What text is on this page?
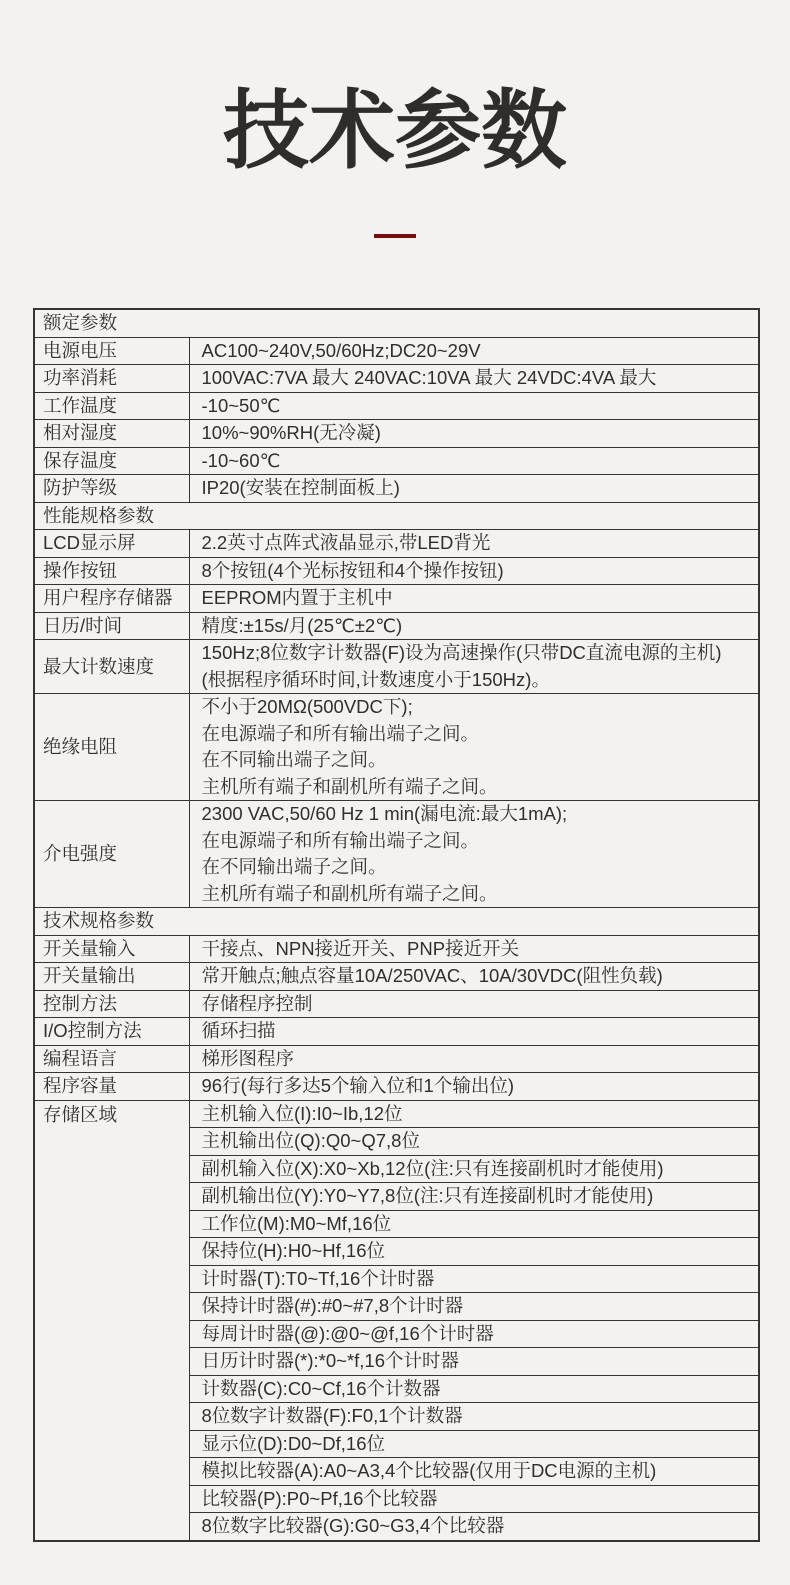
技术参数
额定参数	
电源电压	AC100~240V,50/60Hz;DC20~29V

功率消耗	100VAC:7VA 最大 240VAC:10VA 最大 24VDC:4VA 最大

工作温度	-10~50℃

相对湿度	10%~90%RH(无冷凝)

保存温度	-10~60℃

防护等级	IP20(安装在控制面板上)

性能规格参数	
LCD显示屏	2.2英寸点阵式液晶显示,带LED背光

操作按钮	8个按钮(4个光标按钮和4个操作按钮)

用户程序存储器	EEPROM内置于主机中

日历/时间	精度:±15s/月(25℃±2℃)

最大计数速度	150Hz;8位数字计数器(F)设为高速操作(只带DC直流电源的主机)
(根据程序循环时间,计数速度小于150Hz)。

绝缘电阻	不小于20MΩ(500VDC下);
在电源端子和所有输出端子之间。
在不同输出端子之间。
主机所有端子和副机所有端子之间。

介电强度	2300 VAC,50/60 Hz 1 min(漏电流:最大1mA);
在电源端子和所有输出端子之间。
在不同输出端子之间。
主机所有端子和副机所有端子之间。

技术规格参数	
开关量输入	干接点、NPN接近开关、PNP接近开关

开关量输出	常开触点;触点容量10A/250VAC、10A/30VDC(阻性负载)

控制方法	存储程序控制

I/O控制方法	循环扫描

编程语言	梯形图程序

程序容量	96行(每行多达5个输入位和1个输出位)

存储区域	主机输入位(I):I0~Ib,12位
	主机输出位(Q):Q0~Q7,8位
	副机输入位(X):X0~Xb,12位(注:只有连接副机时才能使用)
	副机输出位(Y):Y0~Y7,8位(注:只有连接副机时才能使用)
	工作位(M):M0~Mf,16位
	保持位(H):H0~Hf,16位
	计时器(T):T0~Tf,16个计时器
	保持计时器(#):#0~#7,8个计时器
	每周计时器(@):@0~@f,16个计时器
	日历计时器(*):*0~*f,16个计时器
	计数器(C):C0~Cf,16个计数器
	8位数字计数器(F):F0,1个计数器
	显示位(D):D0~Df,16位
	模拟比较器(A):A0~A3,4个比较器(仅用于DC电源的主机)
	比较器(P):P0~Pf,16个比较器
	8位数字比较器(G):G0~G3,4个比较器
